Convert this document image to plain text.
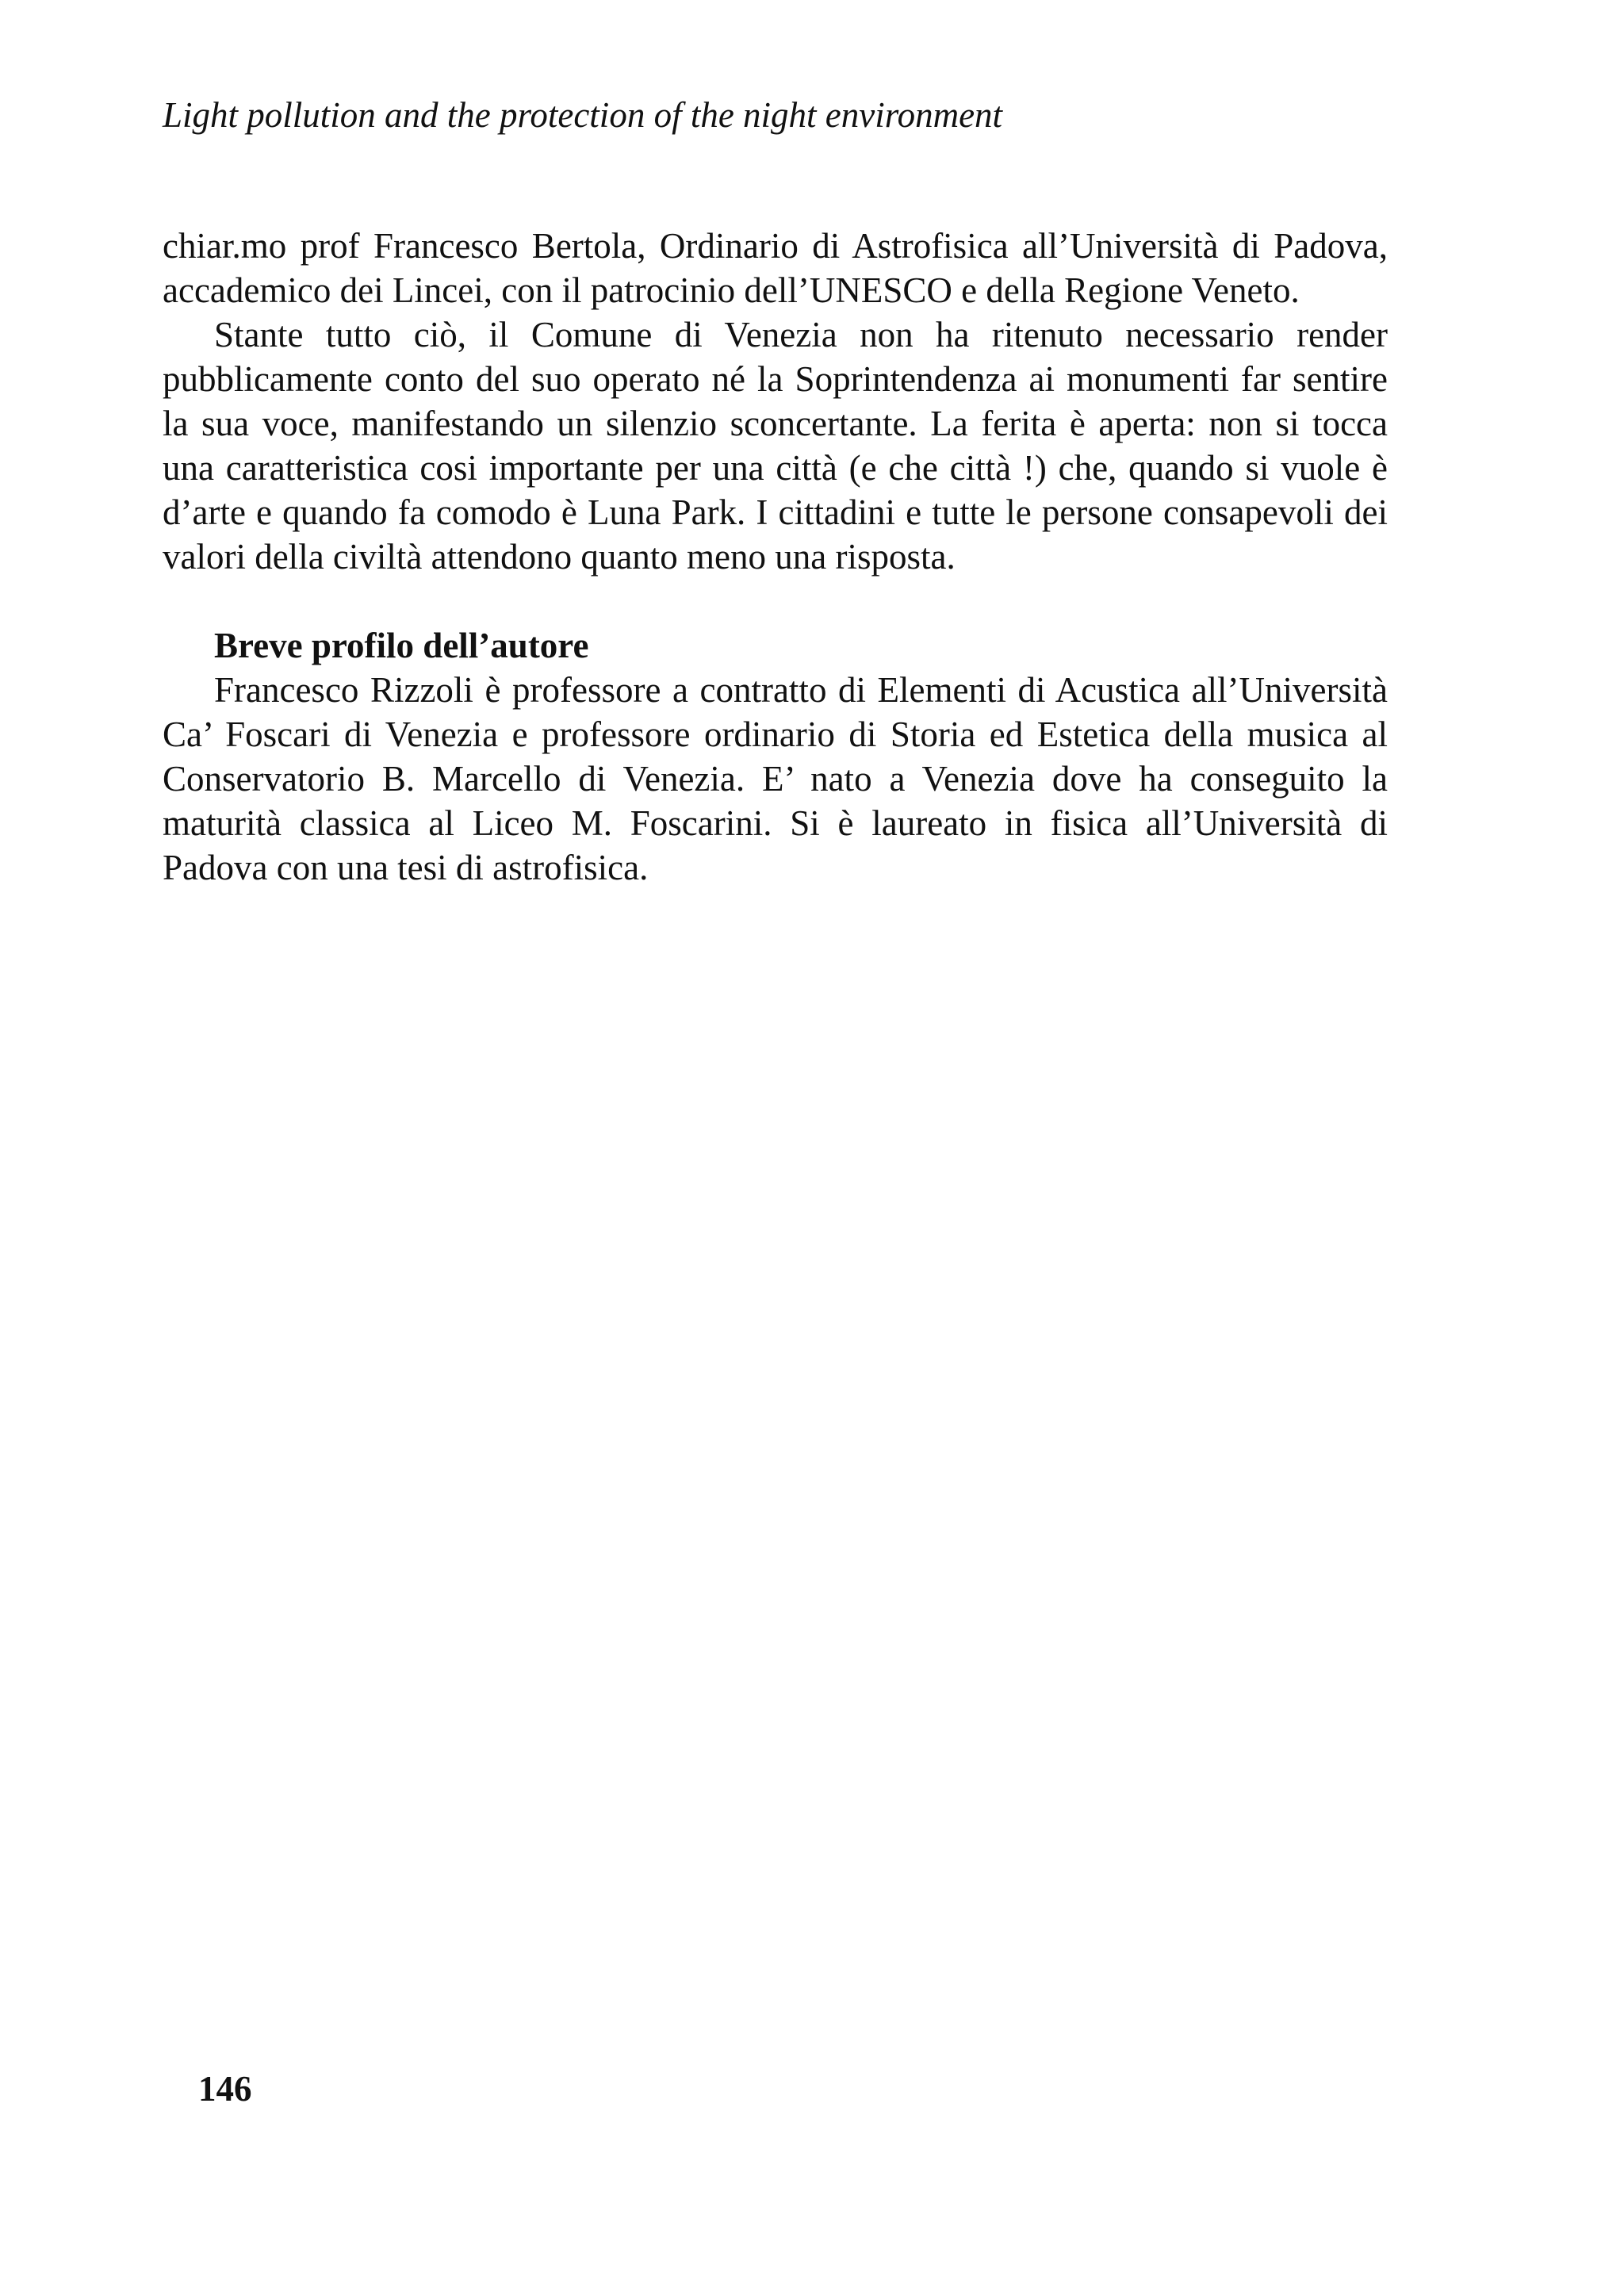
Light pollution and the protection of the night environment

chiar.mo prof Francesco Bertola, Ordinario di Astrofisica all’Università di Padova, accademico dei Lincei, con il patrocinio dell’UNESCO e della Regione Veneto.

Stante tutto ciò, il Comune di Venezia non ha ritenuto necessario render pubblicamente conto del suo operato né la Soprintendenza ai monumenti far sentire la sua voce, manifestando un silenzio sconcertante. La ferita è aperta: non si tocca una caratteristica cosi importante per una città (e che città !) che, quando si vuole è d’arte e quando fa comodo è Luna Park. I cittadini e tutte le persone consapevoli dei valori della civiltà attendono quanto meno una risposta.

Breve profilo dell’autore

Francesco Rizzoli è professore a contratto di Elementi di Acustica all’Università Ca’ Foscari di Venezia e professore ordinario di Storia ed Estetica della musica al Conservatorio B. Marcello di Venezia. E’ nato a Venezia dove ha conseguito la maturità classica al Liceo M. Foscarini. Si è laureato in fisica all’Università di Padova con una tesi di astrofisica.

146
